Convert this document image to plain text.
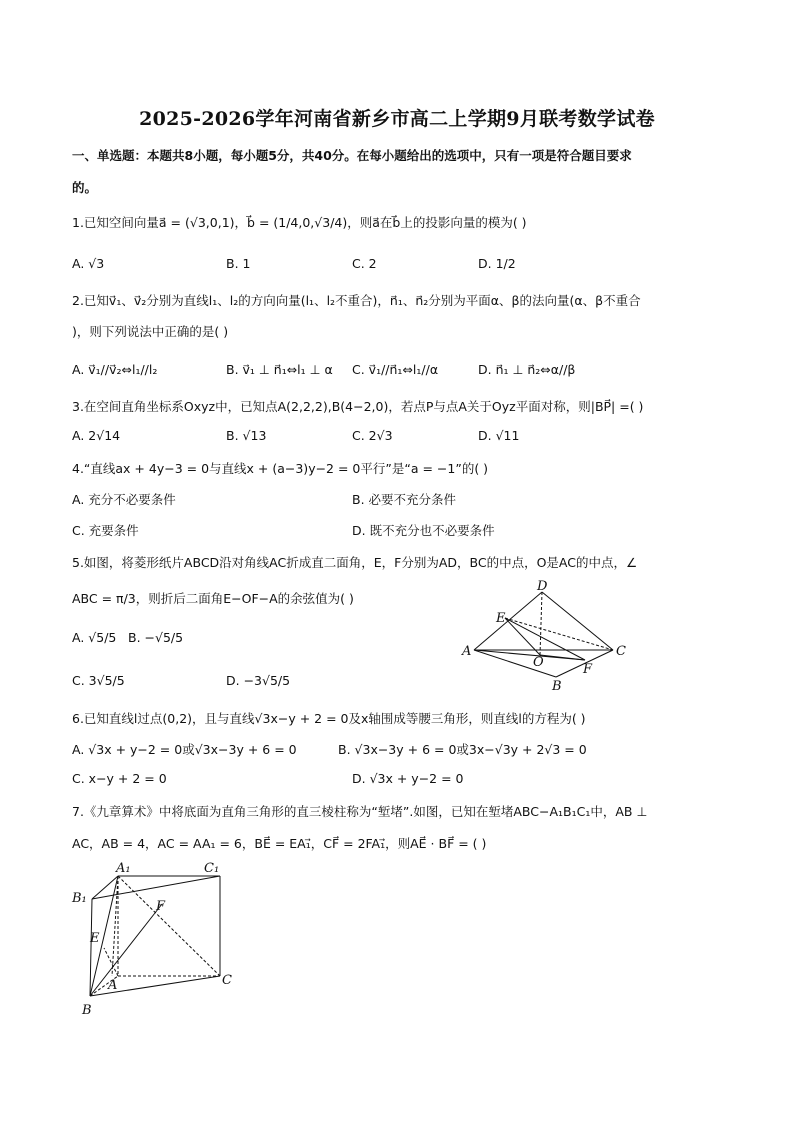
2025-2026学年河南省新乡市高二上学期9月联考数学试卷
一、单选题：本题共8小题，每小题5分，共40分。在每小题给出的选项中，只有一项是符合题目要求
的。
1.已知空间向量a⃗ = (√3,0,1)，b⃗ = (1/4,0,√3/4)，则a⃗在b⃗上的投影向量的模为( )
A. √3	B. 1	C. 2	D. 1/2
2.已知v⃗₁、v⃗₂分别为直线l₁、l₂的方向向量(l₁、l₂不重合)，n⃗₁、n⃗₂分别为平面α、β的法向量(α、β不重合
)，则下列说法中正确的是( )
A. v⃗₁//v⃗₂⇔l₁//l₂	B. v⃗₁ ⊥ n⃗₁⇔l₁ ⊥ α C. v⃗₁//n⃗₁⇔l₁//α	D. n⃗₁ ⊥ n⃗₂⇔α//β
3.在空间直角坐标系Oxyz中，已知点A(2,2,2),B(4−2,0)，若点P与点A关于Oyz平面对称，则|BP⃗| =( )
A. 2√14	B. √13	C. 2√3	D. √11
4.“直线ax + 4y−3 = 0与直线x + (a−3)y−2 = 0平行”是“a = −1”的( )
A. 充分不必要条件	B. 必要不充分条件
C. 充要条件	D. 既不充分也不必要条件
5.如图，将菱形纸片ABCD沿对角线AC折成直二面角，E，F分别为AD，BC的中点，O是AC的中点，∠
ABC = π/3，则折后二面角E−OF−A的余弦值为( )
A. √5/5 B. −√5/5
C. 3√5/5	D. −3√5/5
D
E
A
O
C
F
B
6.已知直线l过点(0,2)，且与直线√3x−y + 2 = 0及x轴围成等腰三角形，则直线l的方程为( )
A. √3x + y−2 = 0或√3x−3y + 6 = 0	B. √3x−3y + 6 = 0或3x−√3y + 2√3 = 0
C. x−y + 2 = 0	D. √3x + y−2 = 0
7.《九章算术》中将底面为直角三角形的直三棱柱称为“堑堵”.如图，已知在堑堵ABC−A₁B₁C₁中，AB ⊥
AC，AB = 4，AC = AA₁ = 6，BE⃗ = EA₁⃗，CF⃗ = 2FA₁⃗，则AE⃗ · BF⃗ = ( )
A₁	C₁
B₁
F
E
A	C
B
